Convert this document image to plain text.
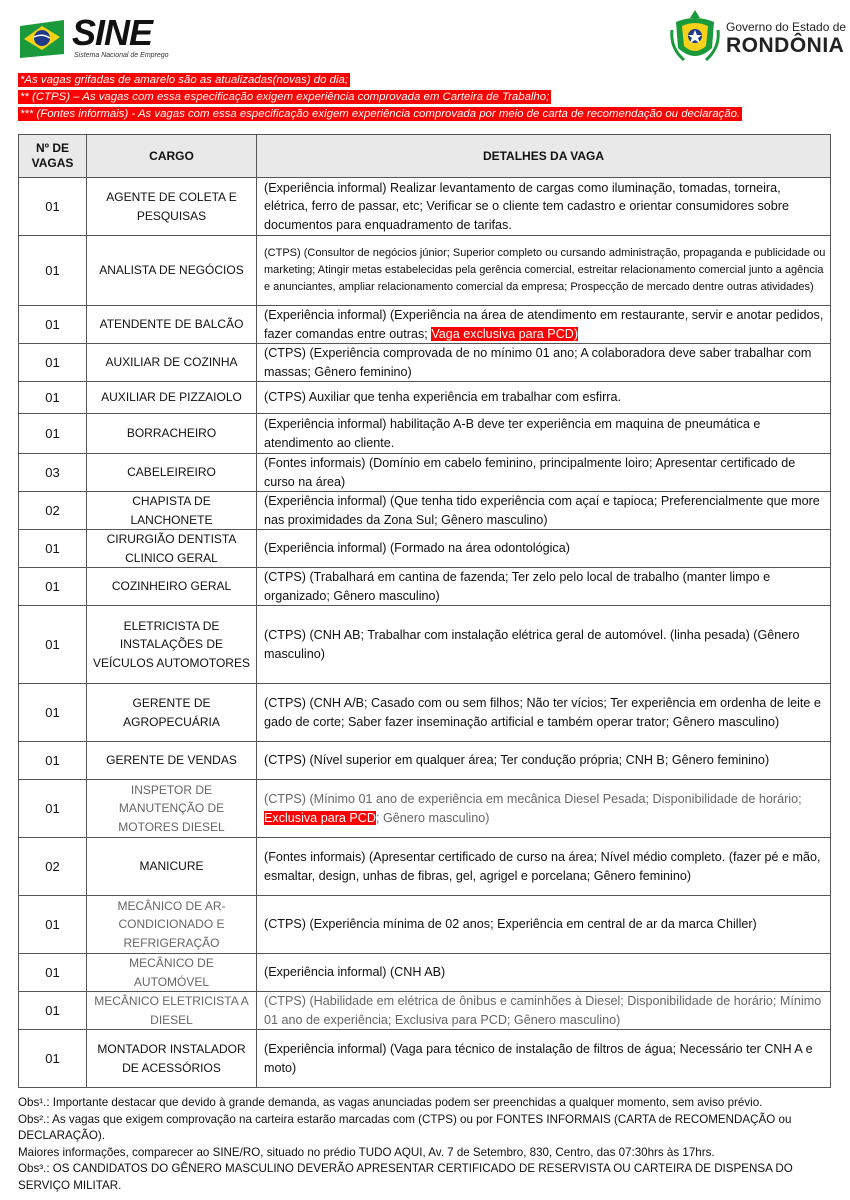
SINE
Sistema Nacional de Emprego
Governo do Estado de
RONDÔNIA
*As vagas grifadas de amarelo são as atualizadas(novas) do dia;
** (CTPS) – As vagas com essa especificação exigem experiência comprovada em Carteira de Trabalho;
*** (Fontes informais) - As vagas com essa especificação exigem experiência comprovada por meio de carta de recomendação ou declaração.
Nº DE VAGAS	CARGO	DETALHES DA VAGA
01	AGENTE DE COLETA E PESQUISAS	(Experiência informal) Realizar levantamento de cargas como iluminação, tomadas, torneira, elétrica, ferro de passar, etc; Verificar se o cliente tem cadastro e orientar consumidores sobre documentos para enquadramento de tarifas.
01	ANALISTA DE NEGÓCIOS	(CTPS) (Consultor de negócios júnior; Superior completo ou cursando administração, propaganda e publicidade ou marketing; Atingir metas estabelecidas pela gerência comercial, estreitar relacionamento comercial junto a agência e anunciantes, ampliar relacionamento comercial da empresa; Prospecção de mercado dentre outras atividades)
01	ATENDENTE DE BALCÃO	(Experiência informal) (Experiência na área de atendimento em restaurante, servir e anotar pedidos, fazer comandas entre outras; Vaga exclusiva para PCD)
01	AUXILIAR DE COZINHA	(CTPS) (Experiência comprovada de no mínimo 01 ano; A colaboradora deve saber trabalhar com massas; Gênero feminino)
01	AUXILIAR DE PIZZAIOLO	(CTPS) Auxiliar que tenha experiência em trabalhar com esfirra.
01	BORRACHEIRO	(Experiência informal) habilitação A-B deve ter experiência em maquina de pneumática e atendimento ao cliente.
03	CABELEIREIRO	(Fontes informais) (Domínio em cabelo feminino, principalmente loiro; Apresentar certificado de curso na área)
02	CHAPISTA DE LANCHONETE	(Experiência informal) (Que tenha tido experiência com açaí e tapioca; Preferencialmente que more nas proximidades da Zona Sul; Gênero masculino)
01	CIRURGIÃO DENTISTA CLINICO GERAL	(Experiência informal) (Formado na área odontológica)
01	COZINHEIRO GERAL	(CTPS) (Trabalhará em cantina de fazenda; Ter zelo pelo local de trabalho (manter limpo e organizado; Gênero masculino)
01	ELETRICISTA DE INSTALAÇÕES DE VEÍCULOS AUTOMOTORES	(CTPS) (CNH AB; Trabalhar com instalação elétrica geral de automóvel. (linha pesada) (Gênero masculino)
01	GERENTE DE AGROPECUÁRIA	(CTPS) (CNH A/B; Casado com ou sem filhos; Não ter vícios; Ter experiência em ordenha de leite e gado de corte; Saber fazer inseminação artificial e também operar trator; Gênero masculino)
01	GERENTE DE VENDAS	(CTPS) (Nível superior em qualquer área; Ter condução própria; CNH B; Gênero feminino)
01	INSPETOR DE MANUTENÇÃO DE MOTORES DIESEL	(CTPS) (Mínimo 01 ano de experiência em mecânica Diesel Pesada; Disponibilidade de horário; Exclusiva para PCD; Gênero masculino)
02	MANICURE	(Fontes informais) (Apresentar certificado de curso na área; Nível médio completo. (fazer pé e mão, esmaltar, design, unhas de fibras, gel, agrigel e porcelana; Gênero feminino)
01	MECÂNICO DE AR-CONDICIONADO E REFRIGERAÇÃO	(CTPS) (Experiência mínima de 02 anos; Experiência em central de ar da marca Chiller)
01	MECÂNICO DE AUTOMÓVEL	(Experiência informal) (CNH AB)
01	MECÂNICO ELETRICISTA A DIESEL	(CTPS) (Habilidade em elétrica de ônibus e caminhões à Diesel; Disponibilidade de horário; Mínimo 01 ano de experiência; Exclusiva para PCD; Gênero masculino)
01	MONTADOR INSTALADOR DE ACESSÓRIOS	(Experiência informal) (Vaga para técnico de instalação de filtros de água; Necessário ter CNH A e moto)

Obs¹.: Importante destacar que devido à grande demanda, as vagas anunciadas podem ser preenchidas a qualquer momento, sem aviso prévio.

Obs².: As vagas que exigem comprovação na carteira estarão marcadas com (CTPS) ou por FONTES INFORMAIS (CARTA de RECOMENDAÇÃO ou DECLARAÇÃO).

Maiores informações, comparecer ao SINE/RO, situado no prédio TUDO AQUI, Av. 7 de Setembro, 830, Centro, das 07:30hrs às 17hrs.

Obs³.: OS CANDIDATOS DO GÊNERO MASCULINO DEVERÃO APRESENTAR CERTIFICADO DE RESERVISTA OU CARTEIRA DE DISPENSA DO SERVIÇO MILITAR.
